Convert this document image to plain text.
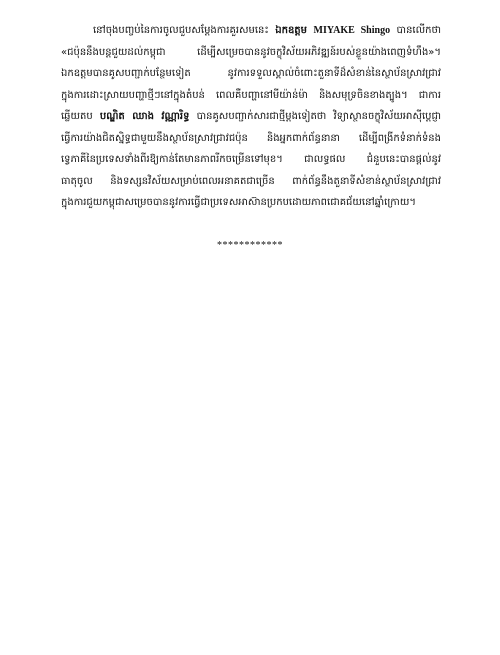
នៅចុងបញ្ចប់នៃការចូលជួបសម្តែងការគួរសមនេះ ឯកឧត្តម MIYAKE Shingo បានលើកថា
«ជប៉ុននឹងបន្តជួយដល់កម្ពុជា ដើម្បីសម្រេចបាននូវចក្ខុវិស័យអភិវឌ្ឍន៍របស់ខ្លួនយ៉ាងពេញទំហឹង»។
ឯកឧត្តមបានគូសបញ្ជាក់បន្ថែមទៀត នូវការទទួលស្គាល់ចំពោះតួនាទីដ៏សំខាន់នៃស្ថាប័នស្រាវជ្រាវ
ក្នុងការដោះស្រាយបញ្ហាថ្មីៗនៅក្នុងតំបន់ ពេលគឺបញ្ហានៅមីយ៉ាន់ម៉ា និងសមុទ្រចិនខាងត្បូង។ ជាការ
ឆ្លើយតប បណ្ឌិត ឈាង វណ្ណារិទ្ធ បានគូសបញ្ជាក់សារជាថ្មីម្តងទៀតថា វិទ្យាស្ថានចក្ខុវិស័យអាស៊ីប្តេជ្ញា
ធ្វើការយ៉ាងជិតស្និទ្ធជាមួយនឹងស្ថាប័នស្រាវជ្រាវជប៉ុន និងអ្នកពាក់ព័ន្ធនានា ដើម្បីពង្រីកទំនាក់ទំនង
ទ្វេភាគីនៃប្រទេសទាំងពីរឱ្យកាន់តែមានភាពរីកចម្រើនទៅមុខ។ ជាលទ្ធផល ជំនួបនេះបានផ្តល់នូវ
ធាតុចូល និងទស្សនវិស័យសម្រាប់ពេលអនាគតជាច្រើន ពាក់ព័ន្ធនឹងតួនាទីសំខាន់ស្ថាប័នស្រាវជ្រាវ
ក្នុងការជួយកម្ពុជាសម្រេចបាននូវការធ្វើជាប្រទេសអាស៊ានប្រកបដោយភាពជោគជ័យនៅឆ្នាំក្រោយ។
************
